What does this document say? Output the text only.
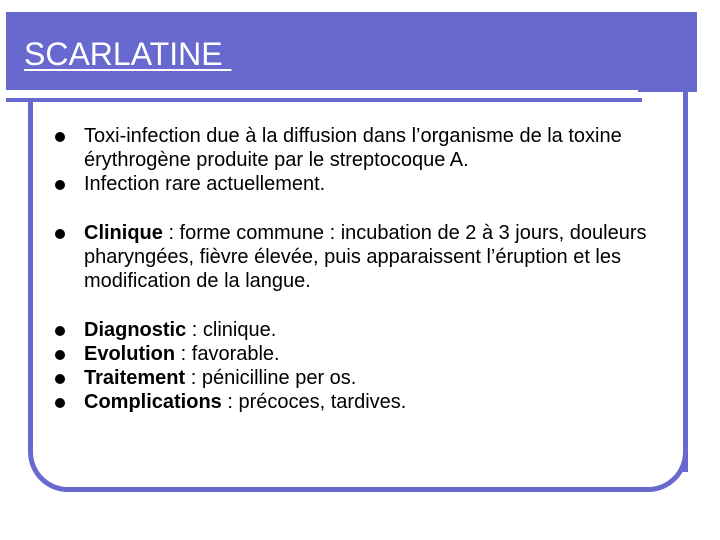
SCARLATINE
Toxi-infection due à la diffusion dans l’organisme de la toxine érythrogène produite par le streptocoque A.
Infection rare actuellement.
Clinique : forme commune : incubation de 2 à 3 jours, douleurs pharyngées, fièvre élevée, puis apparaissent l’éruption et les modification de la langue.
Diagnostic : clinique.
Evolution : favorable.
Traitement : pénicilline per os.
Complications : précoces, tardives.
